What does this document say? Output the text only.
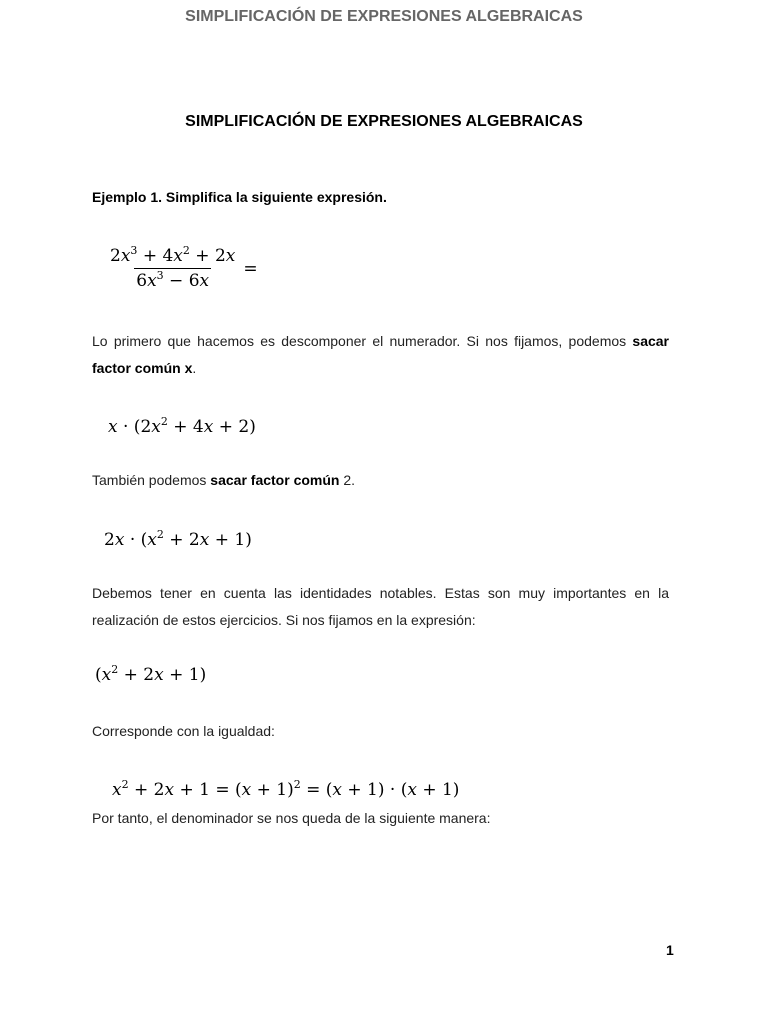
SIMPLIFICACIÓN DE EXPRESIONES ALGEBRAICAS
SIMPLIFICACIÓN DE EXPRESIONES ALGEBRAICAS
Ejemplo 1. Simplifica la siguiente expresión.
$\frac{2x^3 + 4x^2 + 2x}{6x^3 - 6x}$ =
Lo primero que hacemos es descomponer el numerador. Si nos fijamos, podemos sacar factor común x.
$x \cdot (2x^2 + 4x + 2)$
También podemos sacar factor común 2.
$2x \cdot (x^2 + 2x + 1)$
Debemos tener en cuenta las identidades notables. Estas son muy importantes en la realización de estos ejercicios. Si nos fijamos en la expresión:
$(x^2 + 2x + 1)$
Corresponde con la igualdad:
$x^2 + 2x + 1 = (x + 1)^2 = (x + 1) \cdot (x + 1)$
Por tanto, el denominador se nos queda de la siguiente manera:
1
